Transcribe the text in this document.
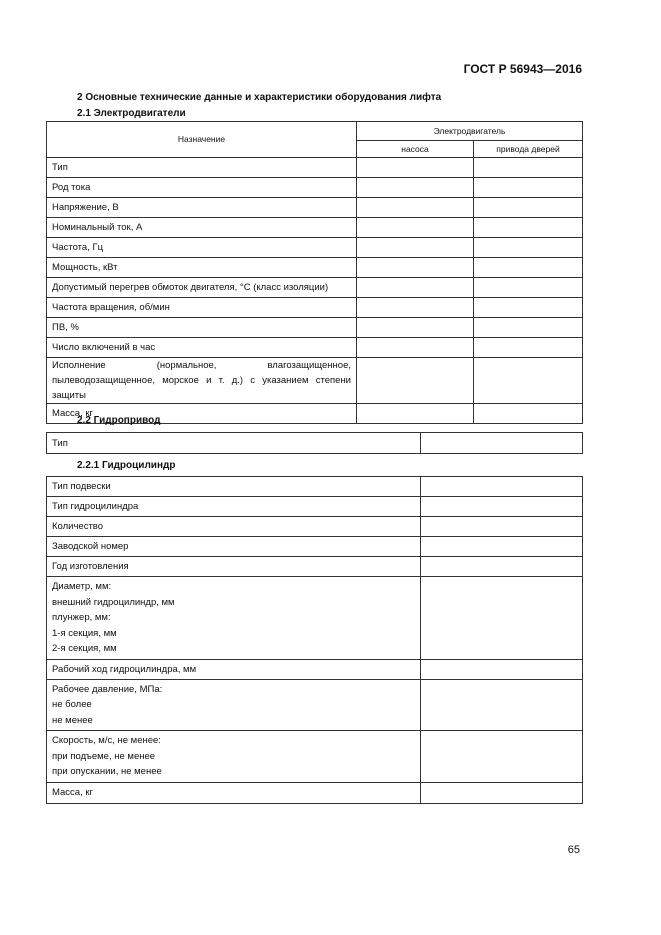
ГОСТ Р 56943—2016
2 Основные технические данные и характеристики оборудования лифта
2.1 Электродвигатели
Назначение	Электродвигатель	
	насоса	привода дверей
Тип		
Род тока		
Напряжение, В		
Номинальный ток, А		
Частота, Гц		
Мощность, кВт		
Допустимый перегрев обмоток двигателя, °С (класс изоляции)		
Частота вращения, об/мин		
ПВ, %		
Число включений в час		
Исполнение (нормальное, влагозащищенное, пылеводозащищенное, морское и т. д.) с указанием степени защиты		
Масса, кг		
2.2 Гидропривод
Тип	
2.2.1 Гидроцилиндр
Тип подвески	

Тип гидроцилиндра	

Количество	

Заводской номер	

Год изготовления	

Диаметр, мм:
внешний гидроцилиндр, мм
плунжер, мм:
1-я секция, мм
2-я секция, мм	

Рабочий ход гидроцилиндра, мм	

Рабочее давление, МПа:
не более
не менее	

Скорость, м/с, не менее:
при подъеме, не менее
при опускании, не менее	

Масса, кг	

65
